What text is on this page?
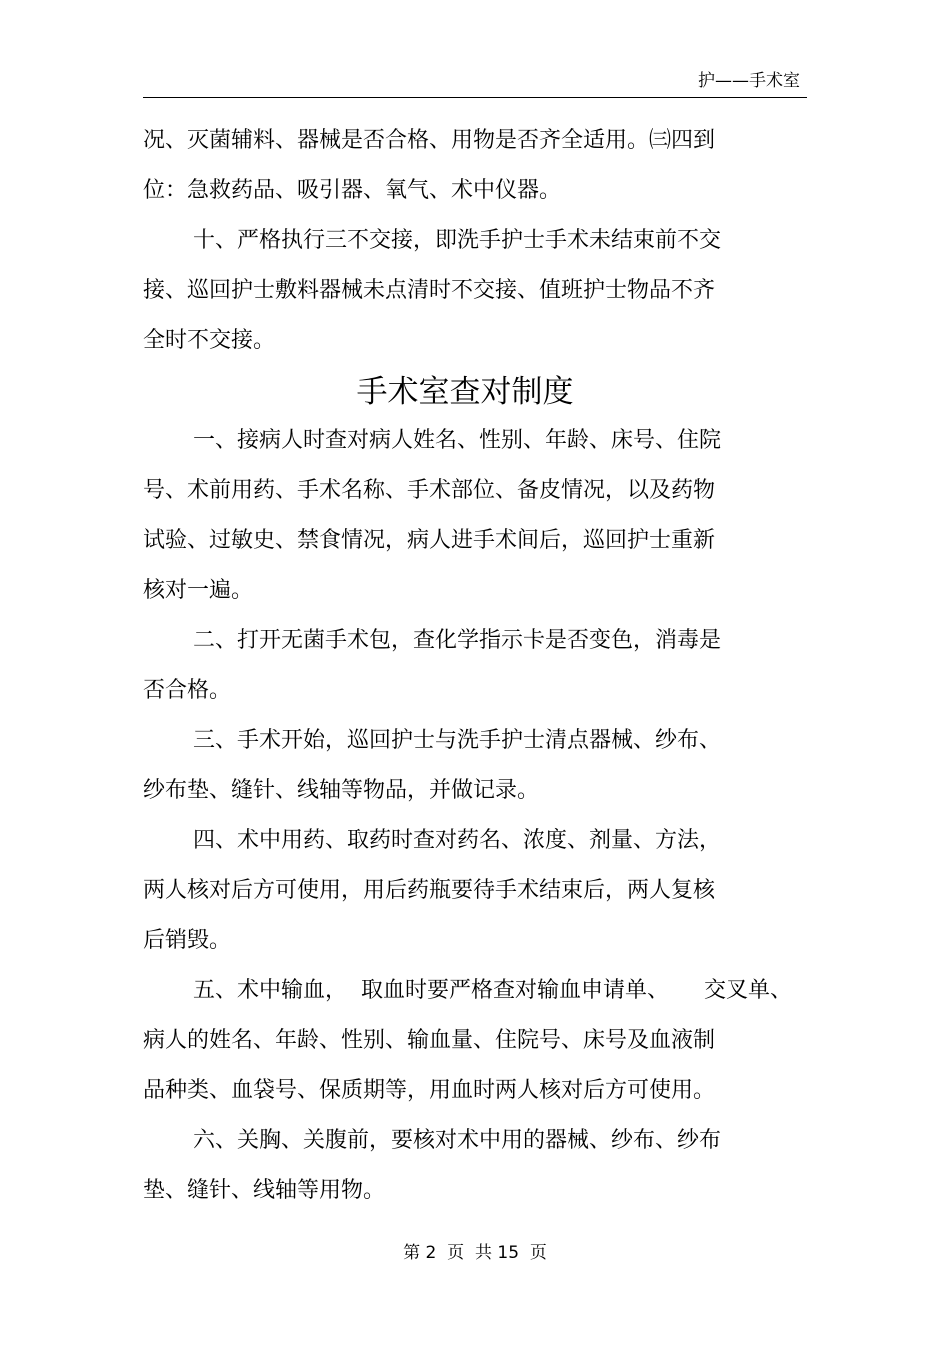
护——手术室
况、灭菌辅料、器械是否合格、用物是否齐全适用。㈢四到
位：急救药品、吸引器、氧气、术中仪器。
十、严格执行三不交接，即洗手护士手术未结束前不交
接、巡回护士敷料器械未点清时不交接、值班护士物品不齐
全时不交接。
手术室查对制度
一、接病人时查对病人姓名、性别、年龄、床号、住院
号、术前用药、手术名称、手术部位、备皮情况，以及药物
试验、过敏史、禁食情况，病人进手术间后，巡回护士重新
核对一遍。
二、打开无菌手术包，查化学指示卡是否变色，消毒是
否合格。
三、手术开始，巡回护士与洗手护士清点器械、纱布、
纱布垫、缝针、线轴等物品，并做记录。
四、术中用药、取药时查对药名、浓度、剂量、方法，
两人核对后方可使用，用后药瓶要待手术结束后，两人复核
后销毁。
五、术中输血，  取血时要严格查对输血申请单、     交叉单、
病人的姓名、年龄、性别、输血量、住院号、床号及血液制
品种类、血袋号、保质期等，用血时两人核对后方可使用。
六、关胸、关腹前，要核对术中用的器械、纱布、纱布
垫、缝针、线轴等用物。
第 2  页  共 15  页
